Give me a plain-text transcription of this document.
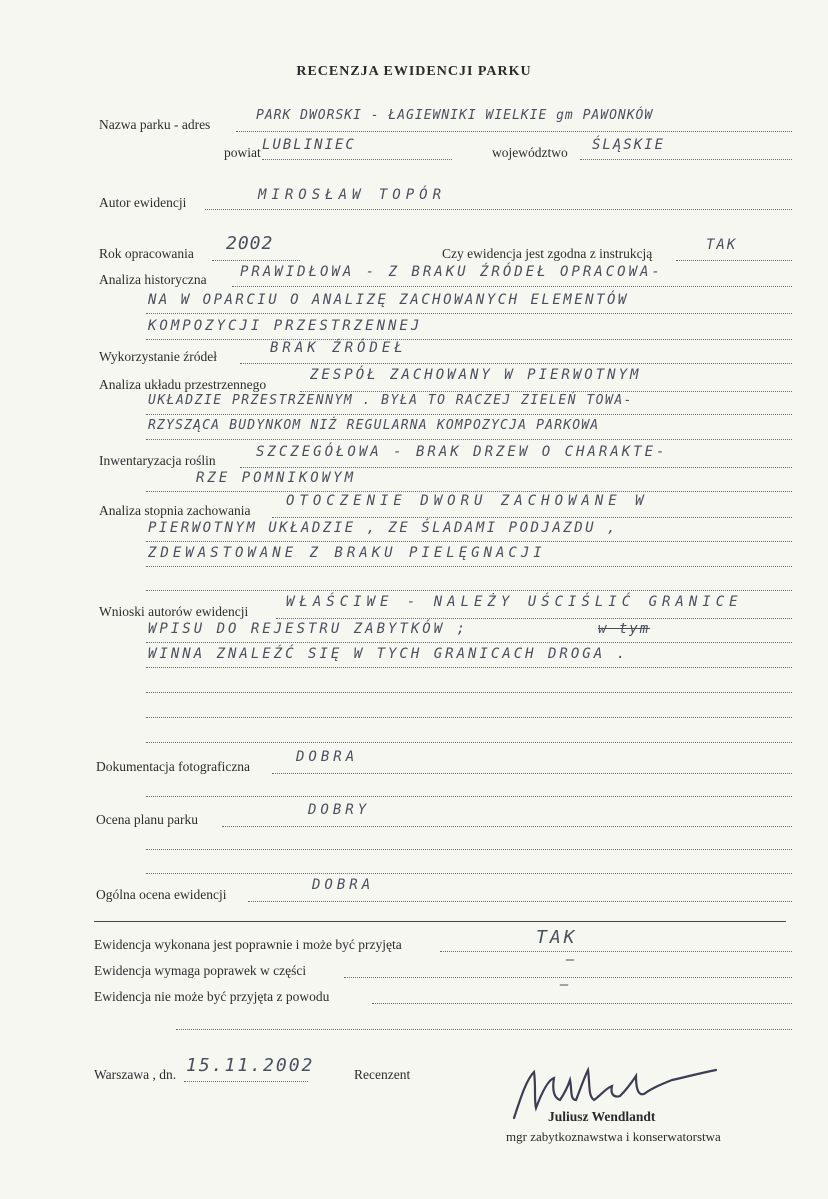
RECENZJA EWIDENCJI PARKU
Nazwa parku - adres
PARK DWORSKI - ŁAGIEWNIKI WIELKIE gm PAWONKÓW
powiat LUBLINIEC	województwo ŚLĄSKIE
Autor ewidencji	MIROSŁAW TOPÓR
Rok opracowania 2002	Czy ewidencja jest zgodna z instrukcją
TAK
Analiza historyczna PRAWIDŁOWA - Z BRAKU ŹRÓDEŁ OPRACOWA-
NA W OPARCIU O ANALIZĘ ZACHOWANYCH ELEMENTÓW
KOMPOZYCJI PRZESTRZENNEJ
Wykorzystanie źródeł
BRAK ŹRÓDEŁ
Analiza układu przestrzennego
ZESPÓŁ ZACHOWANY W PIERWOTNYM
UKŁADZIE PRZESTRZENNYM . BYŁA TO RACZEJ ZIELEŃ TOWA-
RZYSZĄCA BUDYNKOM NIŻ REGULARNA KOMPOZYCJA PARKOWA
Inwentaryzacja roślin
SZCZEGÓŁOWA - BRAK DRZEW O CHARAKTE-
RZE POMNIKOWYM
Analiza stopnia zachowania
OTOCZENIE DWORU ZACHOWANE W
PIERWOTNYM UKŁADZIE , ZE ŚLADAMI PODJAZDU ,
ZDEWASTOWANE Z BRAKU PIELĘGNACJI
Wnioski autorów ewidencji
WŁAŚCIWE - NALEŻY UŚCIŚLIĆ GRANICE
WPISU DO REJESTRU ZABYTKÓW ;	w tym
WINNA ZNALEŹĆ SIĘ W TYCH GRANICACH DROGA .
Dokumentacja fotograficzna
DOBRA
Ocena planu parku
DOBRY
Ogólna ocena ewidencji
DOBRA
Ewidencja wykonana jest poprawnie i może być przyjęta	TAK
Ewidencja wymaga poprawek w części
—
Ewidencja nie może być przyjęta z powodu
—
Warszawa , dn. 15.11.2002	Recenzent
Juliusz Wendlandt
mgr zabytkoznawstwa i konserwatorstwa
